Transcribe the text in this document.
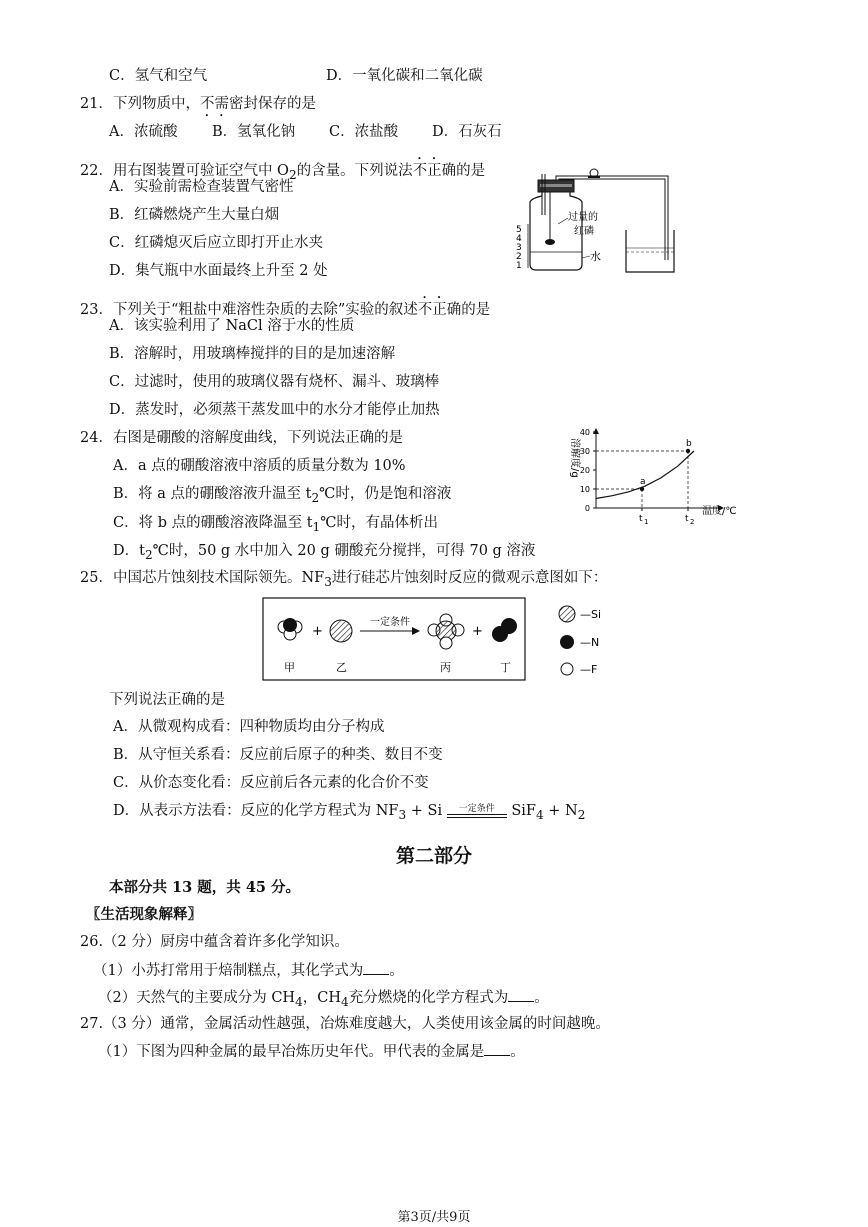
C．氢气和空气	D．一氧化碳和二氧化碳
21．下列物质中，不需密封保存的是
A．浓硫酸 B．氢氧化钠 C．浓盐酸 D．石灰石
22．用右图装置可验证空气中 $O_2$的含量。下列说法不正确的是
A．实验前需检查装置气密性
B．红磷燃烧产生大量白烟
C．红磷熄灭后应立即打开止水夹
D．集气瓶中水面最终上升至 2 处
5
4
3
2
1
过量的
红磷
水
23．下列关于“粗盐中难溶性杂质的去除”实验的叙述不正确的是
A．该实验利用了 NaCl 溶于水的性质
B．溶解时，用玻璃棒搅拌的目的是加速溶解
C．过滤时，使用的玻璃仪器有烧杯、漏斗、玻璃棒
D．蒸发时，必须蒸干蒸发皿中的水分才能停止加热
24．右图是硼酸的溶解度曲线，下列说法正确的是
A．a 点的硼酸溶液中溶质的质量分数为 10%
B．将 a 点的硼酸溶液升温至 $t_2℃$时，仍是饱和溶液
C．将 b 点的硼酸溶液降温至 $t_1℃$时，有晶体析出
D．$t_2℃$时，50 g 水中加入 20 g 硼酸充分搅拌，可得 70 g 溶液
溶解度/g
温度/℃
0
10
20
30
40
t 1	t 2
a
b
25．中国芯片蚀刻技术国际领先。$NF_3$进行硅芯片蚀刻时反应的微观示意图如下：
+
一定条件
+
甲	乙	丙	丁
—Si
—N
—F
下列说法正确的是
A．从微观构成看：四种物质均由分子构成
B．从守恒关系看：反应前后原子的种类、数目不变
C．从价态变化看：反应前后各元素的化合价不变
D．从表示方法看：反应的化学方程式为 $NF_3 + Si$	一定条件 $SiF_4 + N_2$
第二部分
本部分共 13 题，共 45 分。
〖生活现象解释〗
26.（2 分）厨房中蕴含着许多化学知识。
（1）小苏打常用于焙制糕点，其化学式为 。
（2）天然气的主要成分为 $CH_4$，$CH_4$充分燃烧的化学方程式为 。
27.（3 分）通常，金属活动性越强，冶炼难度越大，人类使用该金属的时间越晚。
（1）下图为四种金属的最早冶炼历史年代。甲代表的金属是 。
第3页/共9页
